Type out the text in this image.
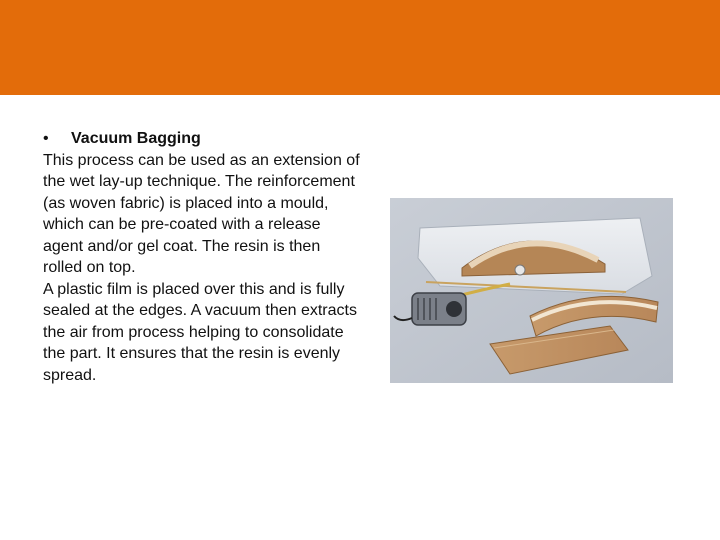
• Vacuum Bagging

This process can be used as an extension of the wet lay-up technique. The reinforcement (as woven fabric) is placed into a mould, which can be pre-coated with a release agent and/or gel coat. The resin is then rolled on top.

A plastic film is placed over this and is fully sealed at the edges. A vacuum then extracts the air from process helping to consolidate the part. It ensures that the resin is evenly spread.
